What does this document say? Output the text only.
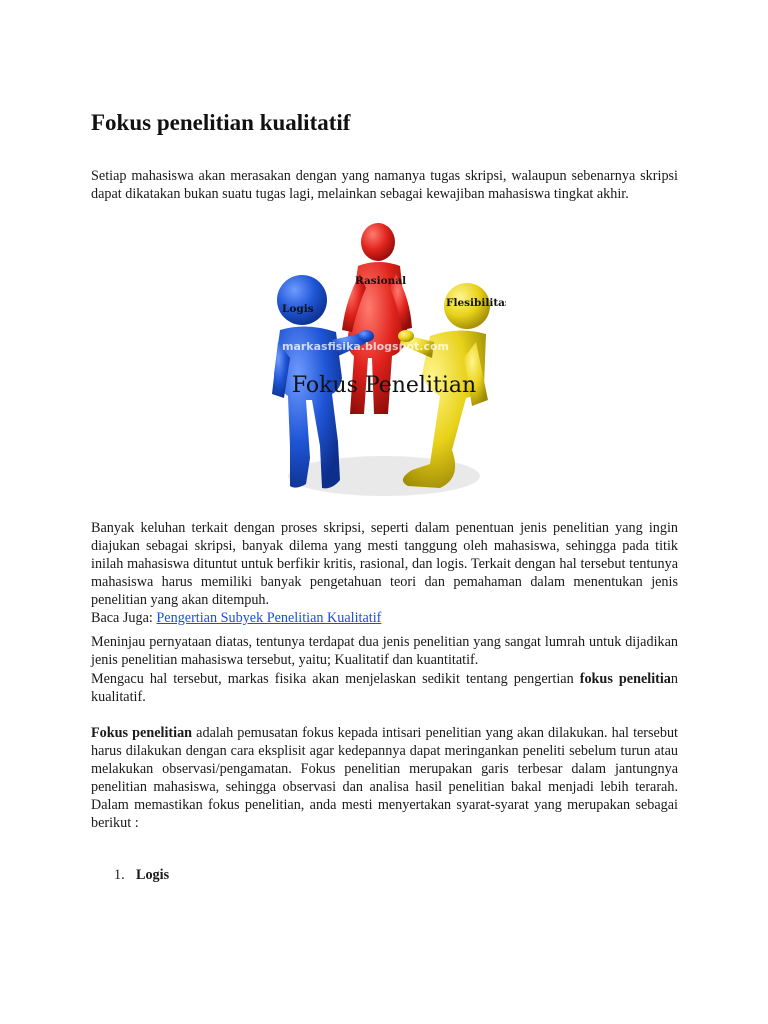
Fokus penelitian kualitatif

Setiap mahasiswa akan merasakan dengan yang namanya tugas skripsi, walaupun sebenarnya skripsi dapat dikatakan bukan suatu tugas lagi, melainkan sebagai kewajiban mahasiswa tingkat akhir.

Rasional
Logis	Flesibilitas
markasfisika.blogspot.com
Fokus Penelitian

Banyak keluhan terkait dengan proses skripsi, seperti dalam penentuan jenis penelitian yang ingin diajukan sebagai skripsi, banyak dilema yang mesti tanggung oleh mahasiswa, sehingga pada titik inilah mahasiswa dituntut untuk berfikir kritis, rasional, dan logis. Terkait dengan hal tersebut tentunya mahasiswa harus memiliki banyak pengetahuan teori dan pemahaman dalam menentukan jenis penelitian yang akan ditempuh.

Baca Juga: Pengertian Subyek Penelitian Kualitatif

Meninjau pernyataan diatas, tentunya terdapat dua jenis penelitian yang sangat lumrah untuk dijadikan jenis penelitian mahasiswa tersebut, yaitu; Kualitatif dan kuantitatif.

Mengacu hal tersebut, markas fisika akan menjelaskan sedikit tentang pengertian fokus penelitian kualitatif.

Fokus penelitian adalah pemusatan fokus kepada intisari penelitian yang akan dilakukan. hal tersebut harus dilakukan dengan cara eksplisit agar kedepannya dapat meringankan peneliti sebelum turun atau melakukan observasi/pengamatan. Fokus penelitian merupakan garis terbesar dalam jantungnya penelitian mahasiswa, sehingga observasi dan analisa hasil penelitian bakal menjadi lebih terarah. Dalam memastikan fokus penelitian, anda mesti menyertakan syarat-syarat yang merupakan sebagai berikut :

1. Logis
